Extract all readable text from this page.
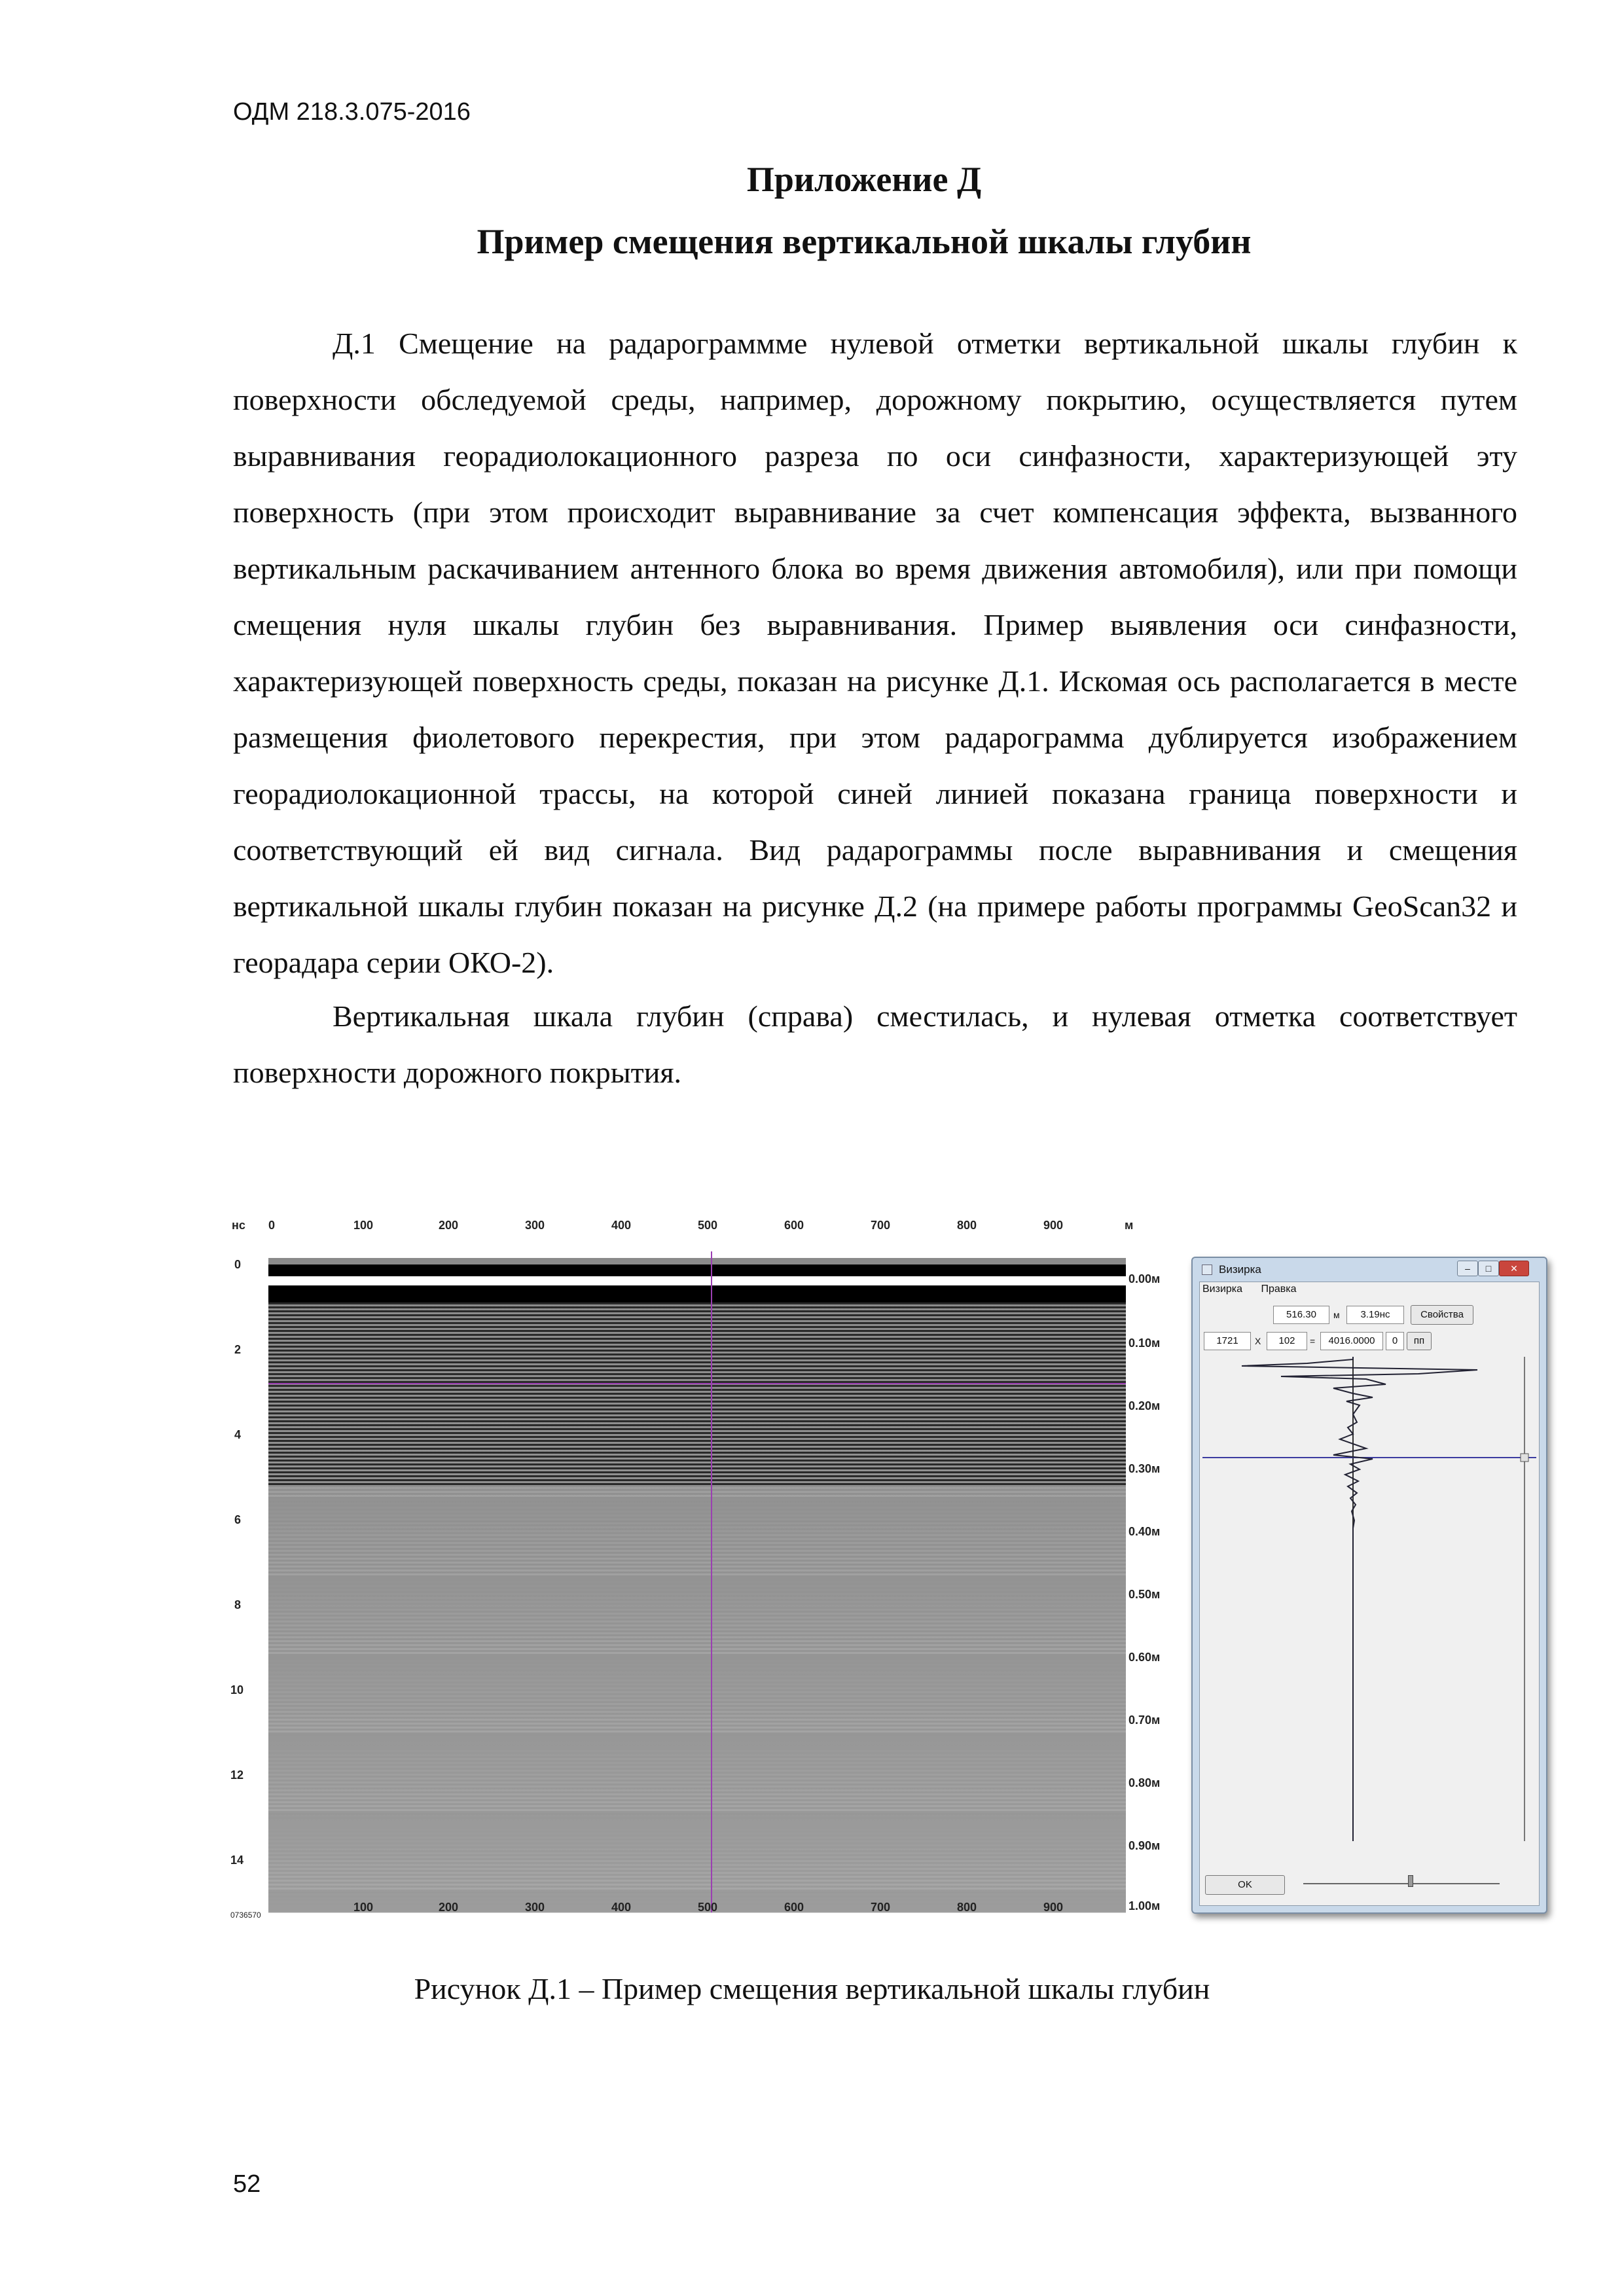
ОДМ 218.3.075-2016
Приложение Д
Пример смещения вертикальной шкалы глубин

Д.1 Смещение на радарограммме нулевой отметки вертикальной шкалы глубин к поверхности обследуемой среды, например, дорожному покрытию, осуществляется путем выравнивания георадиолокационного разреза по оси синфазности, характеризующей эту поверхность (при этом происходит выравнивание за счет компенсация эффекта, вызванного вертикальным раскачиванием антенного блока во время движения автомобиля), или при помощи смещения нуля шкалы глубин без выравнивания. Пример выявления оси синфазности, характеризующей поверхность среды, показан на рисунке Д.1. Искомая ось располагается в месте размещения фиолетового перекрестия, при этом радарограмма дублируется изображением георадиолокационной трассы, на которой синей линией показана граница поверхности и соответствующий ей вид сигнала. Вид радарограммы после выравнивания и смещения вертикальной шкалы глубин показан на рисунке Д.2 (на примере работы программы GeoScan32 и георадара серии ОКО-2).

Вертикальная шкала глубин (справа) сместилась, и нулевая отметка соответствует поверхности дорожного покрытия.

нс	м
0	100	200	300	400	500	600	700	800	900
100	200	300	400	500	600	700	800	900
0736570
0
2
4
6
8
10
12
14
0.00м
0.10м
0.20м
0.30м
0.40м
0.50м
0.60м
0.70м
0.80м
0.90м
1.00м
Визирка	–	□	✕
Визирка Правка
516.30	м	3.19нс	Свойства
1721	X	102	=	4016.0000	0	пп
OK
Рисунок Д.1 – Пример смещения вертикальной шкалы глубин
52
